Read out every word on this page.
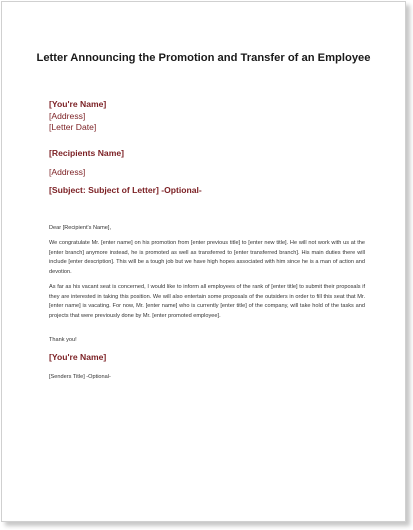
Letter Announcing the Promotion and Transfer of an Employee
[You're Name]
[Address]
[Letter Date]
[Recipients Name]
[Address]
[Subject: Subject of Letter] -Optional-
Dear [Recipient's Name],
We congratulate Mr. [enter name] on his promotion from [enter previous title] to [enter new title]. He will not work with us at the [enter branch] anymore instead, he is promoted as well as transferred to [enter transferred branch]. His main duties there will include [enter description]. This will be a tough job but we have high hopes associated with him since he is a man of action and devotion.
As far as his vacant seat is concerned, I would like to inform all employees of the rank of [enter title] to submit their proposals if they are interested in taking this position. We will also entertain some proposals of the outsiders in order to fill this seat that Mr. [enter name] is vacating. For now, Mr. [enter name] who is currently [enter title] of the company, will take hold of the tasks and projects that were previously done by Mr. [enter promoted employee].
Thank you!
[You're Name]
[Senders Title] -Optional-
